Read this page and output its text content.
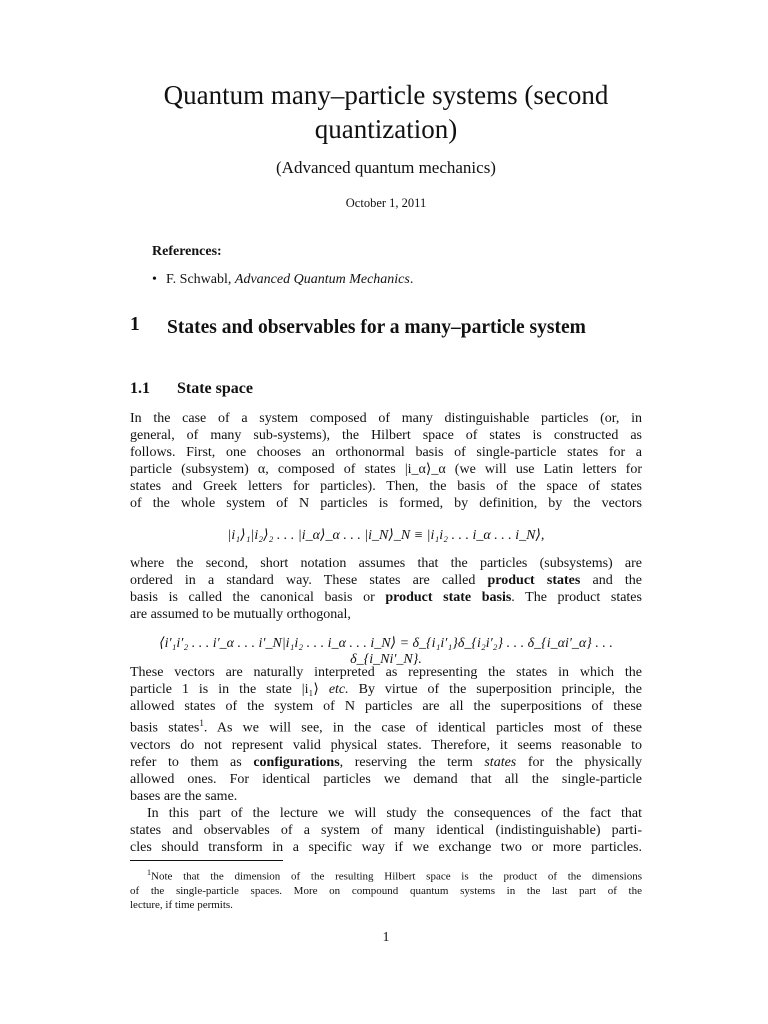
Quantum many–particle systems (second quantization)
(Advanced quantum mechanics)
October 1, 2011
References:
• F. Schwabl, Advanced Quantum Mechanics.
1 States and observables for a many–particle system
1.1 State space
In the case of a system composed of many distinguishable particles (or, in
general, of many sub-systems), the Hilbert space of states is constructed as
follows. First, one chooses an orthonormal basis of single-particle states for a
particle (subsystem) α, composed of states |i_α⟩_α (we will use Latin letters for
states and Greek letters for particles). Then, the basis of the space of states
of the whole system of N particles is formed, by definition, by the vectors
|i₁⟩₁|i₂⟩₂ . . . |i_α⟩_α . . . |i_N⟩_N ≡ |i₁i₂ . . . i_α . . . i_N⟩,
where the second, short notation assumes that the particles (subsystems) are
ordered in a standard way. These states are called product states and the
basis is called the canonical basis or product state basis. The product states
are assumed to be mutually orthogonal,
⟨i′₁i′₂ . . . i′_α . . . i′_N|i₁i₂ . . . i_α . . . i_N⟩ = δ_{i₁i′₁}δ_{i₂i′₂} . . . δ_{i_αi′_α} . . . δ_{i_Ni′_N}.
These vectors are naturally interpreted as representing the states in which the
particle 1 is in the state |i₁⟩ etc. By virtue of the superposition principle, the
allowed states of the system of N particles are all the superpositions of these
basis states$^1$. As we will see, in the case of identical particles most of these
vectors do not represent valid physical states. Therefore, it seems reasonable to
refer to them as configurations, reserving the term states for the physically
allowed ones. For identical particles we demand that all the single-particle
bases are the same.
In this part of the lecture we will study the consequences of the fact that
states and observables of a system of many identical (indistinguishable) parti-
cles should transform in a specific way if we exchange two or more particles.
$^1$Note that the dimension of the resulting Hilbert space is the product of the dimensions
of the single-particle spaces. More on compound quantum systems in the last part of the
lecture, if time permits.
1
